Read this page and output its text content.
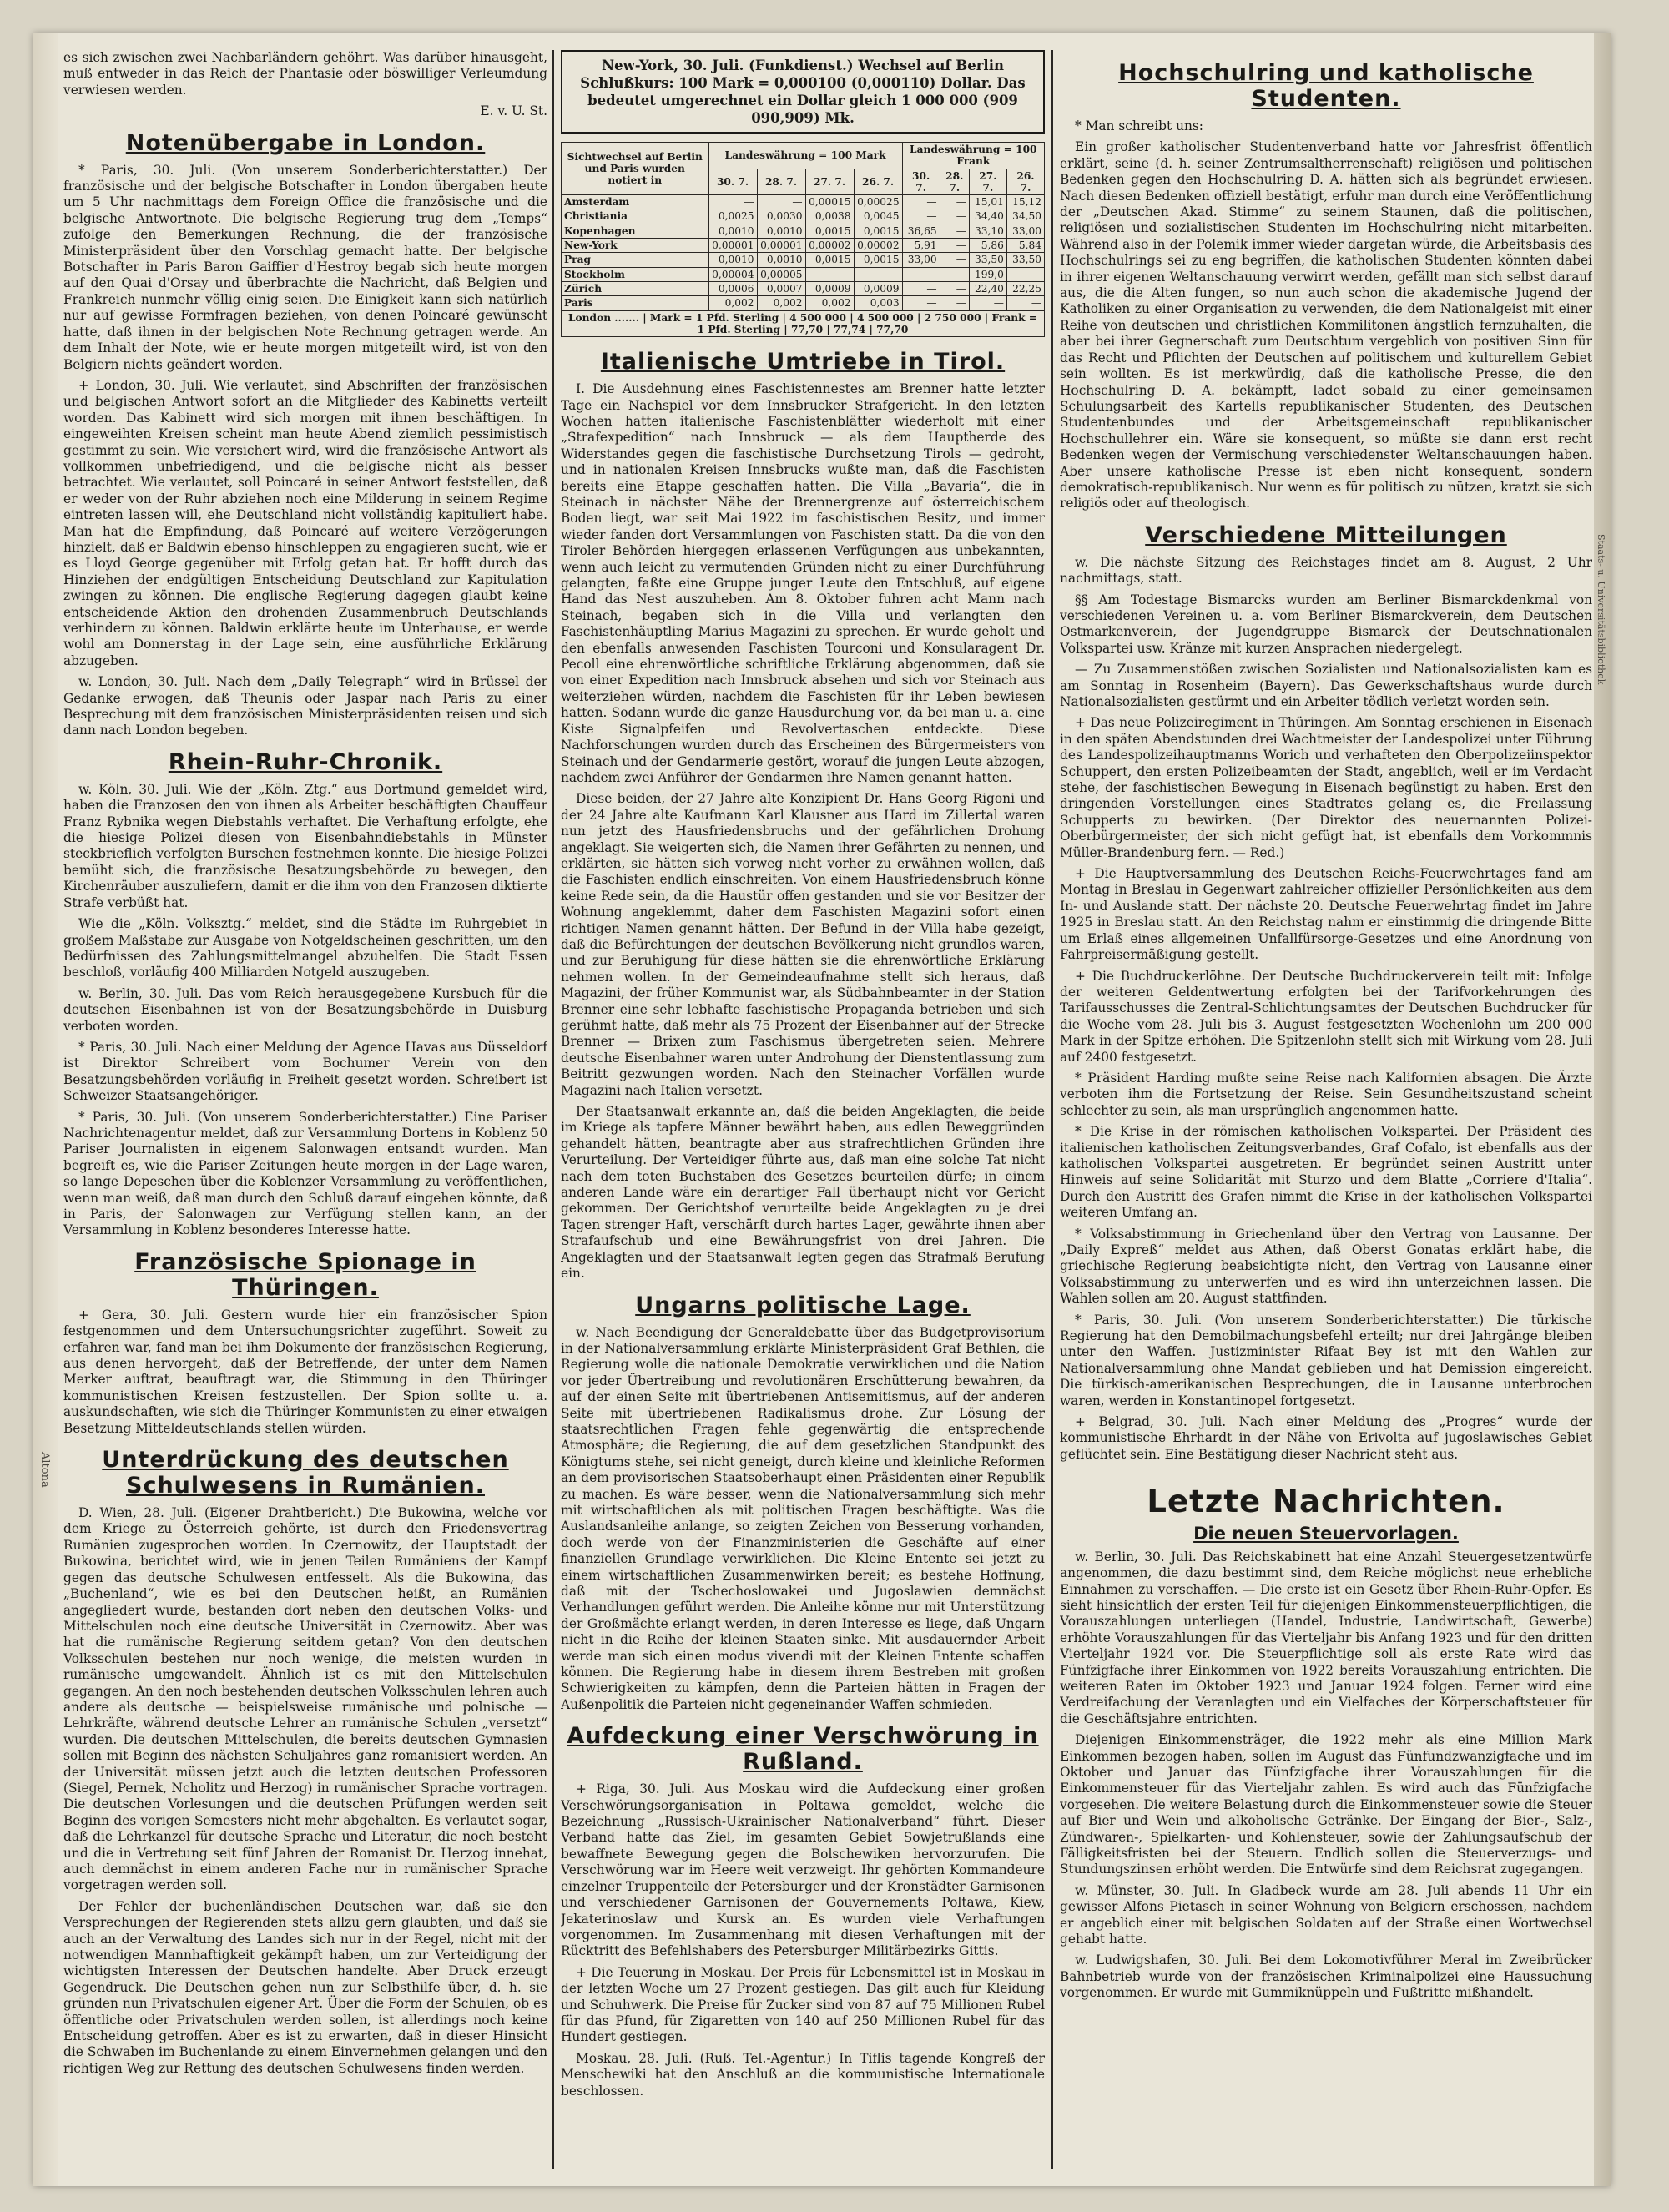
Altona

es sich zwischen zwei Nachbarländern gehöhrt. Was darüber hinausgeht, muß entweder in das Reich der Phantasie oder böswilliger Verleumdung verwiesen werden.

E. v. U. St.
Notenübergabe in London.

* Paris, 30. Juli. (Von unserem Sonderberichterstatter.) Der französische und der belgische Botschafter in London übergaben heute um 5 Uhr nachmittags dem Foreign Office die französische und die belgische Antwortnote. Die belgische Regierung trug dem „Temps“ zufolge den Bemerkungen Rechnung, die der französische Ministerpräsident über den Vorschlag gemacht hatte. Der belgische Botschafter in Paris Baron Gaiffier d'Hestroy begab sich heute morgen auf den Quai d'Orsay und überbrachte die Nachricht, daß Belgien und Frankreich nunmehr völlig einig seien. Die Einigkeit kann sich natürlich nur auf gewisse Formfragen beziehen, von denen Poincaré gewünscht hatte, daß ihnen in der belgischen Note Rechnung getragen werde. An dem Inhalt der Note, wie er heute morgen mitgeteilt wird, ist von den Belgiern nichts geändert worden.

+ London, 30. Juli. Wie verlautet, sind Abschriften der französischen und belgischen Antwort sofort an die Mitglieder des Kabinetts verteilt worden. Das Kabinett wird sich morgen mit ihnen beschäftigen. In eingeweihten Kreisen scheint man heute Abend ziemlich pessimistisch gestimmt zu sein. Wie versichert wird, wird die französische Antwort als vollkommen unbefriedigend, und die belgische nicht als besser betrachtet. Wie verlautet, soll Poincaré in seiner Antwort feststellen, daß er weder von der Ruhr abziehen noch eine Milderung in seinem Regime eintreten lassen will, ehe Deutschland nicht vollständig kapituliert habe. Man hat die Empfindung, daß Poincaré auf weitere Verzögerungen hinzielt, daß er Baldwin ebenso hinschleppen zu engagieren sucht, wie er es Lloyd George gegenüber mit Erfolg getan hat. Er hofft durch das Hinziehen der endgültigen Entscheidung Deutschland zur Kapitulation zwingen zu können. Die englische Regierung dagegen glaubt keine entscheidende Aktion den drohenden Zusammenbruch Deutschlands verhindern zu können. Baldwin erklärte heute im Unterhause, er werde wohl am Donnerstag in der Lage sein, eine ausführliche Erklärung abzugeben.

w. London, 30. Juli. Nach dem „Daily Telegraph“ wird in Brüssel der Gedanke erwogen, daß Theunis oder Jaspar nach Paris zu einer Besprechung mit dem französischen Ministerpräsidenten reisen und sich dann nach London begeben.

Rhein-Ruhr-Chronik.

w. Köln, 30. Juli. Wie der „Köln. Ztg.“ aus Dortmund gemeldet wird, haben die Franzosen den von ihnen als Arbeiter beschäftigten Chauffeur Franz Rybnika wegen Diebstahls verhaftet. Die Verhaftung erfolgte, ehe die hiesige Polizei diesen von Eisenbahndiebstahls in Münster steckbrieflich verfolgten Burschen festnehmen konnte. Die hiesige Polizei bemüht sich, die französische Besatzungsbehörde zu bewegen, den Kirchenräuber auszuliefern, damit er die ihm von den Franzosen diktierte Strafe verbüßt hat.

Wie die „Köln. Volksztg.“ meldet, sind die Städte im Ruhrgebiet in großem Maßstabe zur Ausgabe von Notgeldscheinen geschritten, um den Bedürfnissen des Zahlungsmittelmangel abzuhelfen. Die Stadt Essen beschloß, vorläufig 400 Milliarden Notgeld auszugeben.

w. Berlin, 30. Juli. Das vom Reich herausgegebene Kursbuch für die deutschen Eisenbahnen ist von der Besatzungsbehörde in Duisburg verboten worden.

* Paris, 30. Juli. Nach einer Meldung der Agence Havas aus Düsseldorf ist Direktor Schreibert vom Bochumer Verein von den Besatzungsbehörden vorläufig in Freiheit gesetzt worden. Schreibert ist Schweizer Staatsangehöriger.

* Paris, 30. Juli. (Von unserem Sonderberichterstatter.) Eine Pariser Nachrichtenagentur meldet, daß zur Versammlung Dortens in Koblenz 50 Pariser Journalisten in eigenem Salonwagen entsandt wurden. Man begreift es, wie die Pariser Zeitungen heute morgen in der Lage waren, so lange Depeschen über die Koblenzer Versammlung zu veröffentlichen, wenn man weiß, daß man durch den Schluß darauf eingehen könnte, daß in Paris, der Salonwagen zur Verfügung stellen kann, an der Versammlung in Koblenz besonderes Interesse hatte.

Französische Spionage in Thüringen.

+ Gera, 30. Juli. Gestern wurde hier ein französischer Spion festgenommen und dem Untersuchungsrichter zugeführt. Soweit zu erfahren war, fand man bei ihm Dokumente der französischen Regierung, aus denen hervorgeht, daß der Betreffende, der unter dem Namen Merker auftrat, beauftragt war, die Stimmung in den Thüringer kommunistischen Kreisen festzustellen. Der Spion sollte u. a. auskundschaften, wie sich die Thüringer Kommunisten zu einer etwaigen Besetzung Mitteldeutschlands stellen würden.

Unterdrückung des deutschen Schulwesens in Rumänien.

D. Wien, 28. Juli. (Eigener Drahtbericht.) Die Bukowina, welche vor dem Kriege zu Österreich gehörte, ist durch den Friedensvertrag Rumänien zugesprochen worden. In Czernowitz, der Hauptstadt der Bukowina, berichtet wird, wie in jenen Teilen Rumäniens der Kampf gegen das deutsche Schulwesen entfesselt. Als die Bukowina, das „Buchenland“, wie es bei den Deutschen heißt, an Rumänien angegliedert wurde, bestanden dort neben den deutschen Volks- und Mittelschulen noch eine deutsche Universität in Czernowitz. Aber was hat die rumänische Regierung seitdem getan? Von den deutschen Volksschulen bestehen nur noch wenige, die meisten wurden in rumänische umgewandelt. Ähnlich ist es mit den Mittelschulen gegangen. An den noch bestehenden deutschen Volksschulen lehren auch andere als deutsche — beispielsweise rumänische und polnische — Lehrkräfte, während deutsche Lehrer an rumänische Schulen „versetzt“ wurden. Die deutschen Mittelschulen, die bereits deutschen Gymnasien sollen mit Beginn des nächsten Schuljahres ganz romanisiert werden. An der Universität müssen jetzt auch die letzten deutschen Professoren (Siegel, Pernek, Ncholitz und Herzog) in rumänischer Sprache vortragen. Die deutschen Vorlesungen und die deutschen Prüfungen werden seit Beginn des vorigen Semesters nicht mehr abgehalten. Es verlautet sogar, daß die Lehrkanzel für deutsche Sprache und Literatur, die noch besteht und die in Vertretung seit fünf Jahren der Romanist Dr. Herzog innehat, auch demnächst in einem anderen Fache nur in rumänischer Sprache vorgetragen werden soll.

Der Fehler der buchenländischen Deutschen war, daß sie den Versprechungen der Regierenden stets allzu gern glaubten, und daß sie auch an der Verwaltung des Landes sich nur in der Regel, nicht mit der notwendigen Mannhaftigkeit gekämpft haben, um zur Verteidigung der wichtigsten Interessen der Deutschen handelte. Aber Druck erzeugt Gegendruck. Die Deutschen gehen nun zur Selbsthilfe über, d. h. sie gründen nun Privatschulen eigener Art. Über die Form der Schulen, ob es öffentliche oder Privatschulen werden sollen, ist allerdings noch keine Entscheidung getroffen. Aber es ist zu erwarten, daß in dieser Hinsicht die Schwaben im Buchenlande zu einem Einvernehmen gelangen und den richtigen Weg zur Rettung des deutschen Schulwesens finden werden.

New-York, 30. Juli. (Funkdienst.) Wechsel auf Berlin Schlußkurs: 100 Mark = 0,000100 (0,000110) Dollar. Das bedeutet umgerechnet ein Dollar gleich 1 000 000 (909 090,909) Mk.
Sichtwechsel auf Berlin und Paris wurden notiert in	Landeswährung = 100 Mark				Landeswährung = 100 Frank			
	30. 7.	28. 7.	27. 7.	26. 7.	30. 7.	28. 7.	27. 7.	26. 7.
Amsterdam	—	—	0,00015	0,00025	—	—	15,01	15,12
Christiania	0,0025	0,0030	0,0038	0,0045	—	—	34,40	34,50
Kopenhagen	0,0010	0,0010	0,0015	0,0015	36,65	—	33,10	33,00
New-York	0,00001	0,00001	0,00002	0,00002	5,91	—	5,86	5,84
Prag	0,0010	0,0010	0,0015	0,0015	33,00	—	33,50	33,50
Stockholm	0,00004	0,00005	—	—	—	—	199,0	—
Zürich	0,0006	0,0007	0,0009	0,0009	—	—	22,40	22,25
Paris	0,002	0,002	0,002	0,003	—	—	—	—
London ....... | Mark = 1 Pfd. Sterling | 4 500 000 | 4 500 000 | 2 750 000 | Frank = 1 Pfd. Sterling | 77,70 | 77,74 | 77,70								
Italienische Umtriebe in Tirol.

I. Die Ausdehnung eines Faschistennestes am Brenner hatte letzter Tage ein Nachspiel vor dem Innsbrucker Strafgericht. In den letzten Wochen hatten italienische Faschistenblätter wiederholt mit einer „Strafexpedition“ nach Innsbruck — als dem Hauptherde des Widerstandes gegen die faschistische Durchsetzung Tirols — gedroht, und in nationalen Kreisen Innsbrucks wußte man, daß die Faschisten bereits eine Etappe geschaffen hatten. Die Villa „Bavaria“, die in Steinach in nächster Nähe der Brennergrenze auf österreichischem Boden liegt, war seit Mai 1922 im faschistischen Besitz, und immer wieder fanden dort Versammlungen von Faschisten statt. Da die von den Tiroler Behörden hiergegen erlassenen Verfügungen aus unbekannten, wenn auch leicht zu vermutenden Gründen nicht zu einer Durchführung gelangten, faßte eine Gruppe junger Leute den Entschluß, auf eigene Hand das Nest auszuheben. Am 8. Oktober fuhren acht Mann nach Steinach, begaben sich in die Villa und verlangten den Faschistenhäuptling Marius Magazini zu sprechen. Er wurde geholt und den ebenfalls anwesenden Faschisten Tourconi und Konsularagent Dr. Pecoll eine ehrenwörtliche schriftliche Erklärung abgenommen, daß sie von einer Expedition nach Innsbruck absehen und sich vor Steinach aus weiterziehen würden, nachdem die Faschisten für ihr Leben bewiesen hatten. Sodann wurde die ganze Hausdurchung vor, da bei man u. a. eine Kiste Signalpfeifen und Revolvertaschen entdeckte. Diese Nachforschungen wurden durch das Erscheinen des Bürgermeisters von Steinach und der Gendarmerie gestört, worauf die jungen Leute abzogen, nachdem zwei Anführer der Gendarmen ihre Namen genannt hatten.

Diese beiden, der 27 Jahre alte Konzipient Dr. Hans Georg Rigoni und der 24 Jahre alte Kaufmann Karl Klausner aus Hard im Zillertal waren nun jetzt des Hausfriedensbruchs und der gefährlichen Drohung angeklagt. Sie weigerten sich, die Namen ihrer Gefährten zu nennen, und erklärten, sie hätten sich vorweg nicht vorher zu erwähnen wollen, daß die Faschisten endlich einschreiten. Von einem Hausfriedensbruch könne keine Rede sein, da die Haustür offen gestanden und sie vor Besitzer der Wohnung angeklemmt, daher dem Faschisten Magazini sofort einen richtigen Namen genannt hätten. Der Befund in der Villa habe gezeigt, daß die Befürchtungen der deutschen Bevölkerung nicht grundlos waren, und zur Beruhigung für diese hätten sie die ehrenwörtliche Erklärung nehmen wollen. In der Gemeindeaufnahme stellt sich heraus, daß Magazini, der früher Kommunist war, als Südbahnbeamter in der Station Brenner eine sehr lebhafte faschistische Propaganda betrieben und sich gerühmt hatte, daß mehr als 75 Prozent der Eisenbahner auf der Strecke Brenner — Brixen zum Faschismus übergetreten seien. Mehrere deutsche Eisenbahner waren unter Androhung der Dienstentlassung zum Beitritt gezwungen worden. Nach den Steinacher Vorfällen wurde Magazini nach Italien versetzt.

Der Staatsanwalt erkannte an, daß die beiden Angeklagten, die beide im Kriege als tapfere Männer bewährt haben, aus edlen Beweggründen gehandelt hätten, beantragte aber aus strafrechtlichen Gründen ihre Verurteilung. Der Verteidiger führte aus, daß man eine solche Tat nicht nach dem toten Buchstaben des Gesetzes beurteilen dürfe; in einem anderen Lande wäre ein derartiger Fall überhaupt nicht vor Gericht gekommen. Der Gerichtshof verurteilte beide Angeklagten zu je drei Tagen strenger Haft, verschärft durch hartes Lager, gewährte ihnen aber Strafaufschub und eine Bewährungsfrist von drei Jahren. Die Angeklagten und der Staatsanwalt legten gegen das Strafmaß Berufung ein.

Ungarns politische Lage.

w. Nach Beendigung der Generaldebatte über das Budgetprovisorium in der Nationalversammlung erklärte Ministerpräsident Graf Bethlen, die Regierung wolle die nationale Demokratie verwirklichen und die Nation vor jeder Übertreibung und revolutionären Erschütterung bewahren, da auf der einen Seite mit übertriebenen Antisemitismus, auf der anderen Seite mit übertriebenen Radikalismus drohe. Zur Lösung der staatsrechtlichen Fragen fehle gegenwärtig die entsprechende Atmosphäre; die Regierung, die auf dem gesetzlichen Standpunkt des Königtums stehe, sei nicht geneigt, durch kleine und kleinliche Reformen an dem provisorischen Staatsoberhaupt einen Präsidenten einer Republik zu machen. Es wäre besser, wenn die Nationalversammlung sich mehr mit wirtschaftlichen als mit politischen Fragen beschäftigte. Was die Auslandsanleihe anlange, so zeigten Zeichen von Besserung vorhanden, doch werde von der Finanzministerien die Geschäfte auf einer finanziellen Grundlage verwirklichen. Die Kleine Entente sei jetzt zu einem wirtschaftlichen Zusammenwirken bereit; es bestehe Hoffnung, daß mit der Tschechoslowakei und Jugoslawien demnächst Verhandlungen geführt werden. Die Anleihe könne nur mit Unterstützung der Großmächte erlangt werden, in deren Interesse es liege, daß Ungarn nicht in die Reihe der kleinen Staaten sinke. Mit ausdauernder Arbeit werde man sich einen modus vivendi mit der Kleinen Entente schaffen können. Die Regierung habe in diesem ihrem Bestreben mit großen Schwierigkeiten zu kämpfen, denn die Parteien hätten in Fragen der Außenpolitik die Parteien nicht gegeneinander Waffen schmieden.

Aufdeckung einer Verschwörung in Rußland.

+ Riga, 30. Juli. Aus Moskau wird die Aufdeckung einer großen Verschwörungsorganisation in Poltawa gemeldet, welche die Bezeichnung „Russisch-Ukrainischer Nationalverband“ führt. Dieser Verband hatte das Ziel, im gesamten Gebiet Sowjetrußlands eine bewaffnete Bewegung gegen die Bolschewiken hervorzurufen. Die Verschwörung war im Heere weit verzweigt. Ihr gehörten Kommandeure einzelner Truppenteile der Petersburger und der Kronstädter Garnisonen und verschiedener Garnisonen der Gouvernements Poltawa, Kiew, Jekaterinoslaw und Kursk an. Es wurden viele Verhaftungen vorgenommen. Im Zusammenhang mit diesen Verhaftungen mit der Rücktritt des Befehlshabers des Petersburger Militärbezirks Gittis.

+ Die Teuerung in Moskau. Der Preis für Lebensmittel ist in Moskau in der letzten Woche um 27 Prozent gestiegen. Das gilt auch für Kleidung und Schuhwerk. Die Preise für Zucker sind von 87 auf 75 Millionen Rubel für das Pfund, für Zigaretten von 140 auf 250 Millionen Rubel für das Hundert gestiegen.

Moskau, 28. Juli. (Ruß. Tel.-Agentur.) In Tiflis tagende Kongreß der Menschewiki hat den Anschluß an die kommunistische Internationale beschlossen.

Hochschulring und katholische Studenten.

* Man schreibt uns:

Ein großer katholischer Studentenverband hatte vor Jahresfrist öffentlich erklärt, seine (d. h. seiner Zentrumsaltherrenschaft) religiösen und politischen Bedenken gegen den Hochschulring D. A. hätten sich als begründet erwiesen. Nach diesen Bedenken offiziell bestätigt, erfuhr man durch eine Veröffentlichung der „Deutschen Akad. Stimme“ zu seinem Staunen, daß die politischen, religiösen und sozialistischen Studenten im Hochschulring nicht mitarbeiten. Während also in der Polemik immer wieder dargetan würde, die Arbeitsbasis des Hochschulrings sei zu eng begriffen, die katholischen Studenten könnten dabei in ihrer eigenen Weltanschauung verwirrt werden, gefällt man sich selbst darauf aus, die die Alten fungen, so nun auch schon die akademische Jugend der Katholiken zu einer Organisation zu verwenden, die dem Nationalgeist mit einer Reihe von deutschen und christlichen Kommilitonen ängstlich fernzuhalten, die aber bei ihrer Gegnerschaft zum Deutschtum vergeblich von positiven Sinn für das Recht und Pflichten der Deutschen auf politischem und kulturellem Gebiet sein wollten. Es ist merkwürdig, daß die katholische Presse, die den Hochschulring D. A. bekämpft, ladet sobald zu einer gemeinsamen Schulungsarbeit des Kartells republikanischer Studenten, des Deutschen Studentenbundes und der Arbeitsgemeinschaft republikanischer Hochschullehrer ein. Wäre sie konsequent, so müßte sie dann erst recht Bedenken wegen der Vermischung verschiedenster Weltanschauungen haben. Aber unsere katholische Presse ist eben nicht konsequent, sondern demokratisch-republikanisch. Nur wenn es für politisch zu nützen, kratzt sie sich religiös oder auf theologisch.

Verschiedene Mitteilungen

w. Die nächste Sitzung des Reichstages findet am 8. August, 2 Uhr nachmittags, statt.

§§ Am Todestage Bismarcks wurden am Berliner Bismarckdenkmal von verschiedenen Vereinen u. a. vom Berliner Bismarckverein, dem Deutschen Ostmarkenverein, der Jugendgruppe Bismarck der Deutschnationalen Volkspartei usw. Kränze mit kurzen Ansprachen niedergelegt.

— Zu Zusammenstößen zwischen Sozialisten und Nationalsozialisten kam es am Sonntag in Rosenheim (Bayern). Das Gewerkschaftshaus wurde durch Nationalsozialisten gestürmt und ein Arbeiter tödlich verletzt worden sein.

+ Das neue Polizeiregiment in Thüringen. Am Sonntag erschienen in Eisenach in den späten Abendstunden drei Wachtmeister der Landespolizei unter Führung des Landespolizeihauptmanns Worich und verhafteten den Oberpolizeiinspektor Schuppert, den ersten Polizeibeamten der Stadt, angeblich, weil er im Verdacht stehe, der faschistischen Bewegung in Eisenach begünstigt zu haben. Erst den dringenden Vorstellungen eines Stadtrates gelang es, die Freilassung Schupperts zu bewirken. (Der Direktor des neuernannten Polizei-Oberbürgermeister, der sich nicht gefügt hat, ist ebenfalls dem Vorkommnis Müller-Brandenburg fern. — Red.)

+ Die Hauptversammlung des Deutschen Reichs-Feuerwehrtages fand am Montag in Breslau in Gegenwart zahlreicher offizieller Persönlichkeiten aus dem In- und Auslande statt. Der nächste 20. Deutsche Feuerwehrtag findet im Jahre 1925 in Breslau statt. An den Reichstag nahm er einstimmig die dringende Bitte um Erlaß eines allgemeinen Unfallfürsorge-Gesetzes und eine Anordnung von Fahrpreisermäßigung gestellt.

+ Die Buchdruckerlöhne. Der Deutsche Buchdruckerverein teilt mit: Infolge der weiteren Geldentwertung erfolgten bei der Tarifvorkehrungen des Tarifausschusses die Zentral-Schlichtungsamtes der Deutschen Buchdrucker für die Woche vom 28. Juli bis 3. August festgesetzten Wochenlohn um 200 000 Mark in der Spitze erhöhen. Die Spitzenlohn stellt sich mit Wirkung vom 28. Juli auf 2400 festgesetzt.

* Präsident Harding mußte seine Reise nach Kalifornien absagen. Die Ärzte verboten ihm die Fortsetzung der Reise. Sein Gesundheitszustand scheint schlechter zu sein, als man ursprünglich angenommen hatte.

* Die Krise in der römischen katholischen Volkspartei. Der Präsident des italienischen katholischen Zeitungsverbandes, Graf Cofalo, ist ebenfalls aus der katholischen Volkspartei ausgetreten. Er begründet seinen Austritt unter Hinweis auf seine Solidarität mit Sturzo und dem Blatte „Corriere d'Italia“. Durch den Austritt des Grafen nimmt die Krise in der katholischen Volkspartei weiteren Umfang an.

* Volksabstimmung in Griechenland über den Vertrag von Lausanne. Der „Daily Expreß“ meldet aus Athen, daß Oberst Gonatas erklärt habe, die griechische Regierung beabsichtigte nicht, den Vertrag von Lausanne einer Volksabstimmung zu unterwerfen und es wird ihn unterzeichnen lassen. Die Wahlen sollen am 20. August stattfinden.

* Paris, 30. Juli. (Von unserem Sonderberichterstatter.) Die türkische Regierung hat den Demobilmachungsbefehl erteilt; nur drei Jahrgänge bleiben unter den Waffen. Justizminister Rifaat Bey ist mit den Wahlen zur Nationalversammlung ohne Mandat geblieben und hat Demission eingereicht. Die türkisch-amerikanischen Besprechungen, die in Lausanne unterbrochen waren, werden in Konstantinopel fortgesetzt.

+ Belgrad, 30. Juli. Nach einer Meldung des „Progres“ wurde der kommunistische Ehrhardt in der Nähe von Erivolta auf jugoslawisches Gebiet geflüchtet sein. Eine Bestätigung dieser Nachricht steht aus.

Letzte Nachrichten.
Die neuen Steuervorlagen.

w. Berlin, 30. Juli. Das Reichskabinett hat eine Anzahl Steuergesetzentwürfe angenommen, die dazu bestimmt sind, dem Reiche möglichst neue erhebliche Einnahmen zu verschaffen. — Die erste ist ein Gesetz über Rhein-Ruhr-Opfer. Es sieht hinsichtlich der ersten Teil für diejenigen Einkommensteuerpflichtigen, die Vorauszahlungen unterliegen (Handel, Industrie, Landwirtschaft, Gewerbe) erhöhte Vorauszahlungen für das Vierteljahr bis Anfang 1923 und für den dritten Vierteljahr 1924 vor. Die Steuerpflichtige soll als erste Rate wird das Fünfzigfache ihrer Einkommen von 1922 bereits Vorauszahlung entrichten. Die weiteren Raten im Oktober 1923 und Januar 1924 folgen. Ferner wird eine Verdreifachung der Veranlagten und ein Vielfaches der Körperschaftsteuer für die Geschäftsjahre entrichten.

Diejenigen Einkommensträger, die 1922 mehr als eine Million Mark Einkommen bezogen haben, sollen im August das Fünfundzwanzigfache und im Oktober und Januar das Fünfzigfache ihrer Vorauszahlungen für die Einkommensteuer für das Vierteljahr zahlen. Es wird auch das Fünfzigfache vorgesehen. Die weitere Belastung durch die Einkommensteuer sowie die Steuer auf Bier und Wein und alkoholische Getränke. Der Eingang der Bier-, Salz-, Zündwaren-, Spielkarten- und Kohlensteuer, sowie der Zahlungsaufschub der Fälligkeitsfristen bei der Steuern. Endlich sollen die Steuerverzugs- und Stundungszinsen erhöht werden. Die Entwürfe sind dem Reichsrat zugegangen.

w. Münster, 30. Juli. In Gladbeck wurde am 28. Juli abends 11 Uhr ein gewisser Alfons Pietasch in seiner Wohnung von Belgiern erschossen, nachdem er angeblich einer mit belgischen Soldaten auf der Straße einen Wortwechsel gehabt hatte.

w. Ludwigshafen, 30. Juli. Bei dem Lokomotivführer Meral im Zweibrücker Bahnbetrieb wurde von der französischen Kriminalpolizei eine Haussuchung vorgenommen. Er wurde mit Gummiknüppeln und Fußtritte mißhandelt.

Staats- u. Universitätsbibliothek
